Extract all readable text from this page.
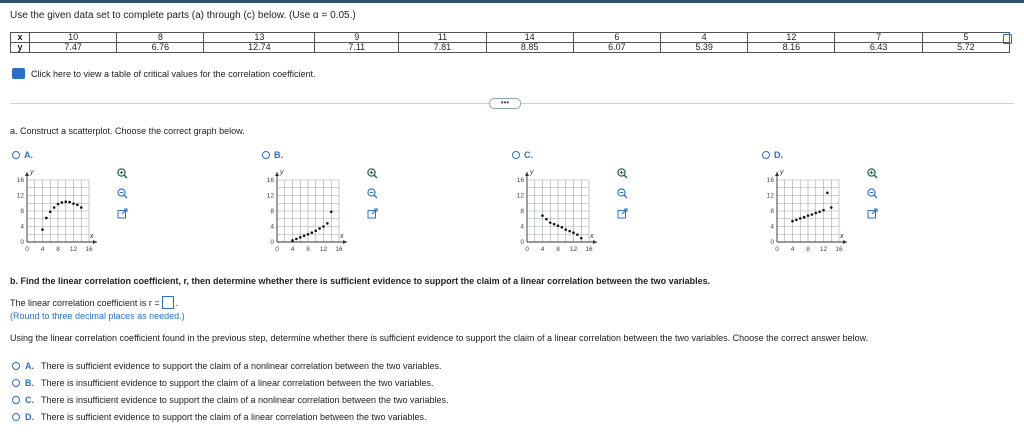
Use the given data set to complete parts (a) through (c) below. (Use α = 0.05.)
x	10	8	13	9	11	14	6	4	12	7	5
y	7.47	6.76	12.74	7.11	7.81	8.85	6.07	5.39	8.16	6.43	5.72
Click here to view a table of critical values for the correlation coefficient.
•••
a. Construct a scatterplot. Choose the correct graph below.
A.
y
x
0 4 8 12 16
0
4
8
12
16
B.
y
x
0 4 8 12 16
0
4
8
12
16
C.
y
x
0 4 8 12 16
0
4
8
12
16
D.
y
x
0 4 8 12 16
0
4
8
12
16
b. Find the linear correlation coefficient, r, then determine whether there is sufficient evidence to support the claim of a linear correlation between the two variables.
The linear correlation coefficient is r = .
(Round to three decimal places as needed.)
Using the linear correlation coefficient found in the previous step, determine whether there is sufficient evidence to support the claim of a linear correlation between the two variables. Choose the correct answer below.
A. There is sufficient evidence to support the claim of a nonlinear correlation between the two variables.
B. There is insufficient evidence to support the claim of a linear correlation between the two variables.
C. There is insufficient evidence to support the claim of a nonlinear correlation between the two variables.
D. There is sufficient evidence to support the claim of a linear correlation between the two variables.
